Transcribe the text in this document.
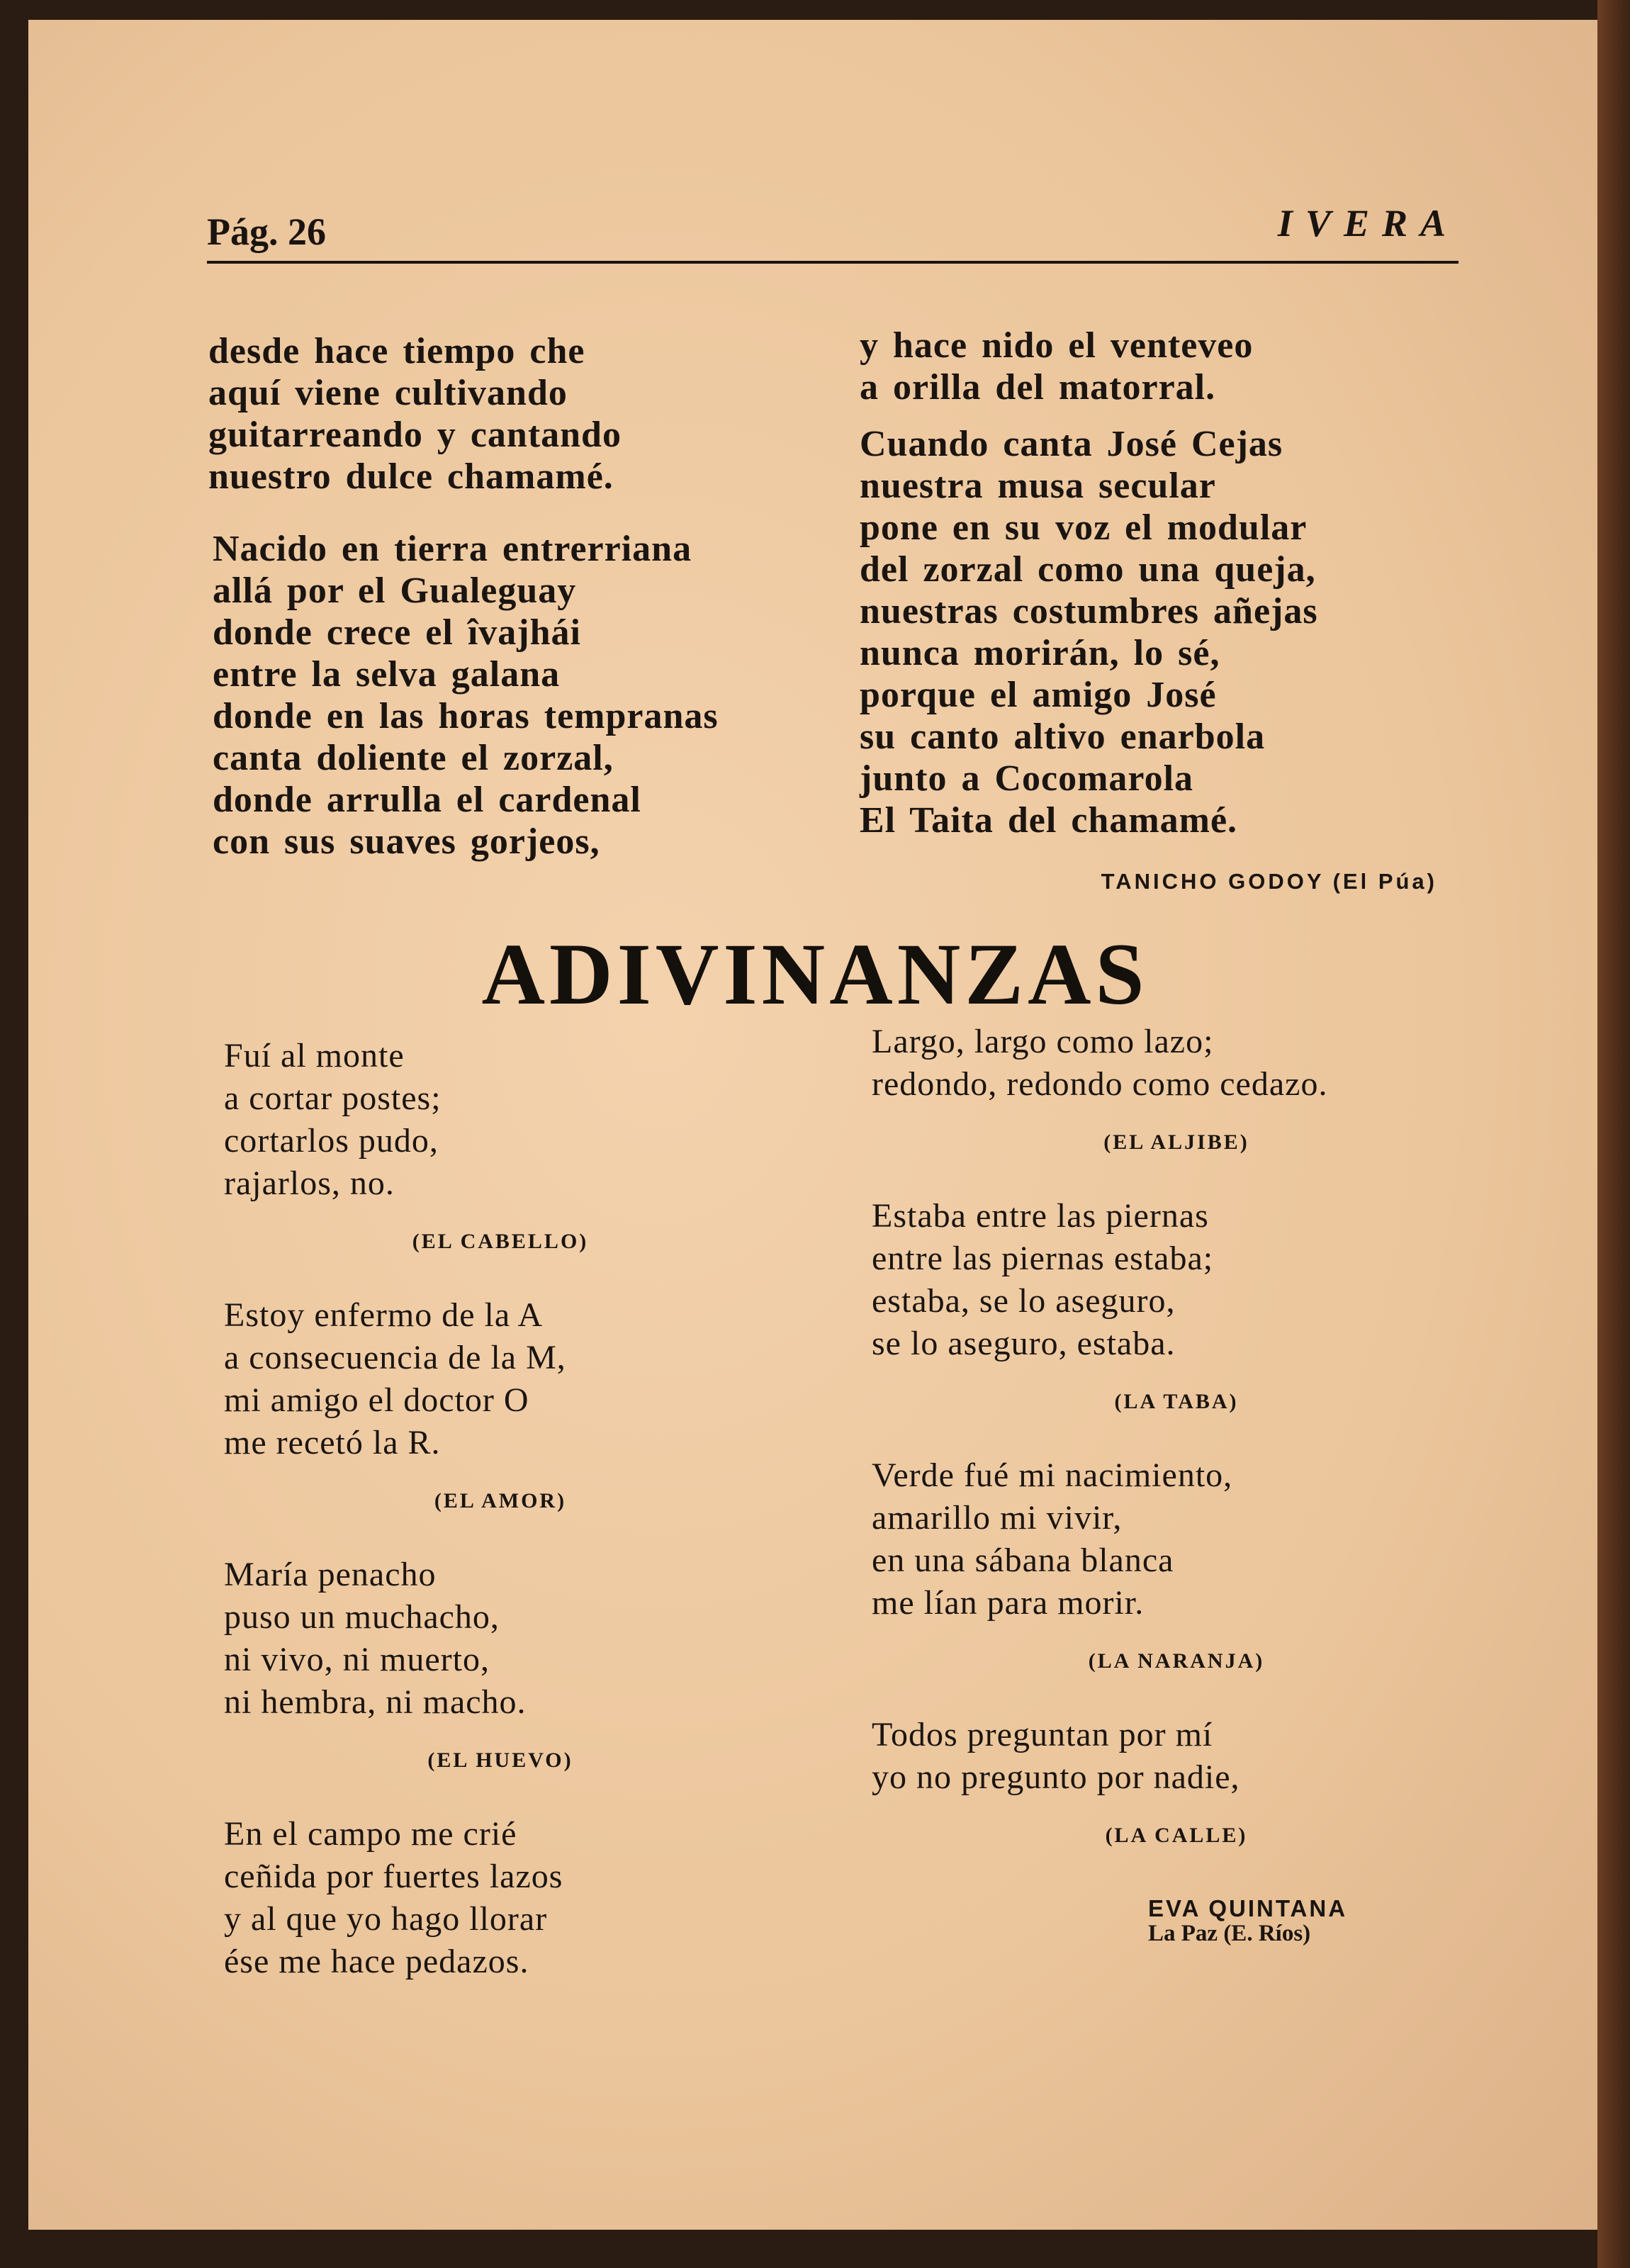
Pág. 26	IVERA
desde hace tiempo che
aquí viene cultivando
guitarreando y cantando
nuestro dulce chamamé.
Nacido en tierra entrerriana
allá por el Gualeguay
donde crece el îvajhái
entre la selva galana
donde en las horas tempranas
canta doliente el zorzal,
donde arrulla el cardenal
con sus suaves gorjeos,
y hace nido el venteveo
a orilla del matorral.
Cuando canta José Cejas
nuestra musa secular
pone en su voz el modular
del zorzal como una queja,
nuestras costumbres añejas
nunca morirán, lo sé,
porque el amigo José
su canto altivo enarbola
junto a Cocomarola
El Taita del chamamé.
TANICHO GODOY (El Púa)
ADIVINANZAS
Fuí al monte
a cortar postes;
cortarlos pudo,
rajarlos, no.
(EL CABELLO)
Estoy enfermo de la A
a consecuencia de la M,
mi amigo el doctor O
me recetó la R.
(EL AMOR)
María penacho
puso un muchacho,
ni vivo, ni muerto,
ni hembra, ni macho.
(EL HUEVO)
En el campo me crié
ceñida por fuertes lazos
y al que yo hago llorar
ése me hace pedazos.
Largo, largo como lazo;
redondo, redondo como cedazo.
(EL ALJIBE)
Estaba entre las piernas
entre las piernas estaba;
estaba, se lo aseguro,
se lo aseguro, estaba.
(LA TABA)
Verde fué mi nacimiento,
amarillo mi vivir,
en una sábana blanca
me lían para morir.
(LA NARANJA)
Todos preguntan por mí
yo no pregunto por nadie,
(LA CALLE)
EVA QUINTANA
La Paz (E. Ríos)
